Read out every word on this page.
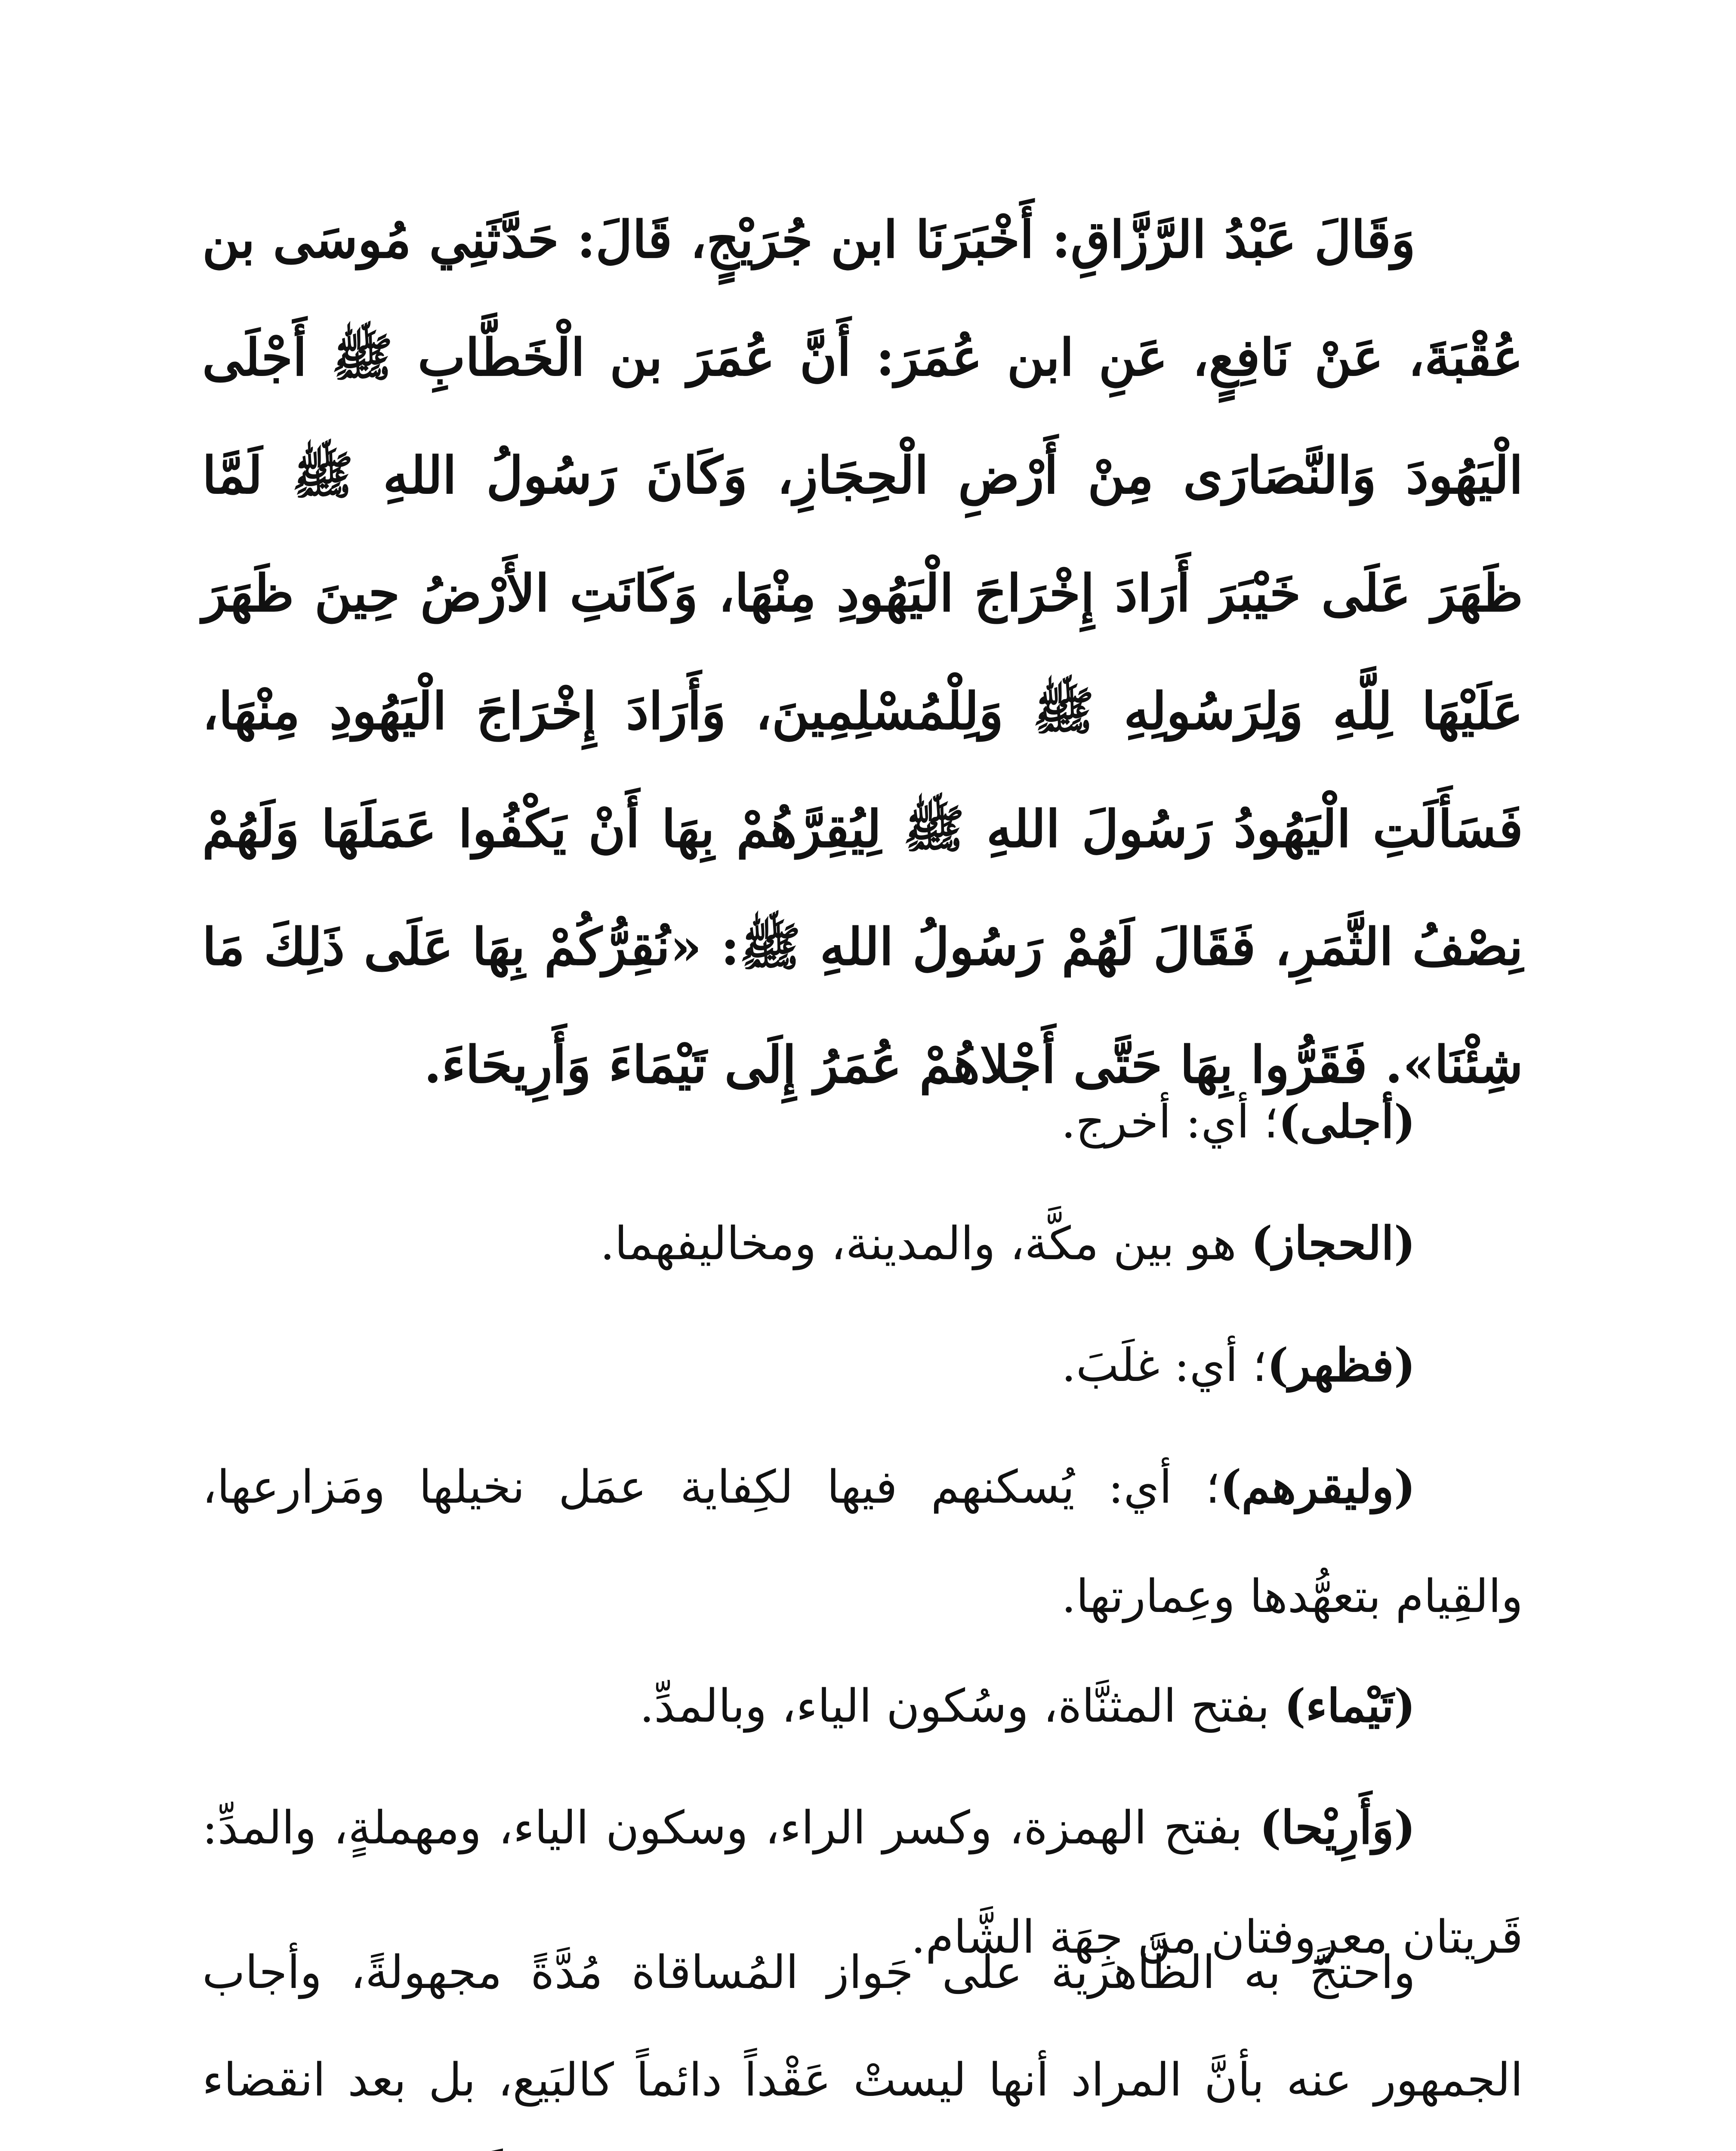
وَقَالَ عَبْدُ الرَّزَّاقِ: أَخْبَرَنَا ابن جُرَيْجٍ، قَالَ: حَدَّثَنِي مُوسَى بن عُقْبَةَ، عَنْ نَافِعٍ، عَنِ ابن عُمَرَ: أَنَّ عُمَرَ بن الْخَطَّابِ ﷺ أَجْلَى الْيَهُودَ وَالنَّصَارَى مِنْ أَرْضِ الْحِجَازِ، وَكَانَ رَسُولُ اللهِ ﷺ لَمَّا ظَهَرَ عَلَى خَيْبَرَ أَرَادَ إِخْرَاجَ الْيَهُودِ مِنْهَا، وَكَانَتِ الأَرْضُ حِينَ ظَهَرَ عَلَيْهَا لِلَّهِ وَلِرَسُولِهِ ﷺ وَلِلْمُسْلِمِينَ، وَأَرَادَ إِخْرَاجَ الْيَهُودِ مِنْهَا، فَسَأَلَتِ الْيَهُودُ رَسُولَ اللهِ ﷺ لِيُقِرَّهُمْ بِهَا أَنْ يَكْفُوا عَمَلَهَا وَلَهُمْ نِصْفُ الثَّمَرِ، فَقَالَ لَهُمْ رَسُولُ اللهِ ﷺ: «نُقِرُّكُمْ بِهَا عَلَى ذَلِكَ مَا شِئْنَا». فَقَرُّوا بِهَا حَتَّى أَجْلاهُمْ عُمَرُ إِلَى تَيْمَاءَ وَأَرِيحَاءَ.

(أجلى)؛ أي: أخرج.

(الحجاز) هو بين مكَّة، والمدينة، ومخاليفهما.

(فظهر)؛ أي: غلَبَ.

(وليقرهم)؛ أي: يُسكنهم فيها لكِفاية عمَل نخيلها ومَزارعها، والقِيام بتعهُّدها وعِمارتها.

(تَيْماء) بفتح المثنَّاة، وسُكون الياء، وبالمدِّ.

(وَأَرِيْحا) بفتح الهمزة، وكسر الراء، وسكون الياء، ومهملةٍ، والمدِّ: قَريتان معروفتان من جِهَة الشَّام.

واحتجَّ به الظَّاهرية على جَواز المُساقاة مُدَّةً مجهولةً، وأجاب الجمهور عنه بأنَّ المراد أنها ليستْ عَقْداً دائماً كالبَيع، بل بعد انقضاء
